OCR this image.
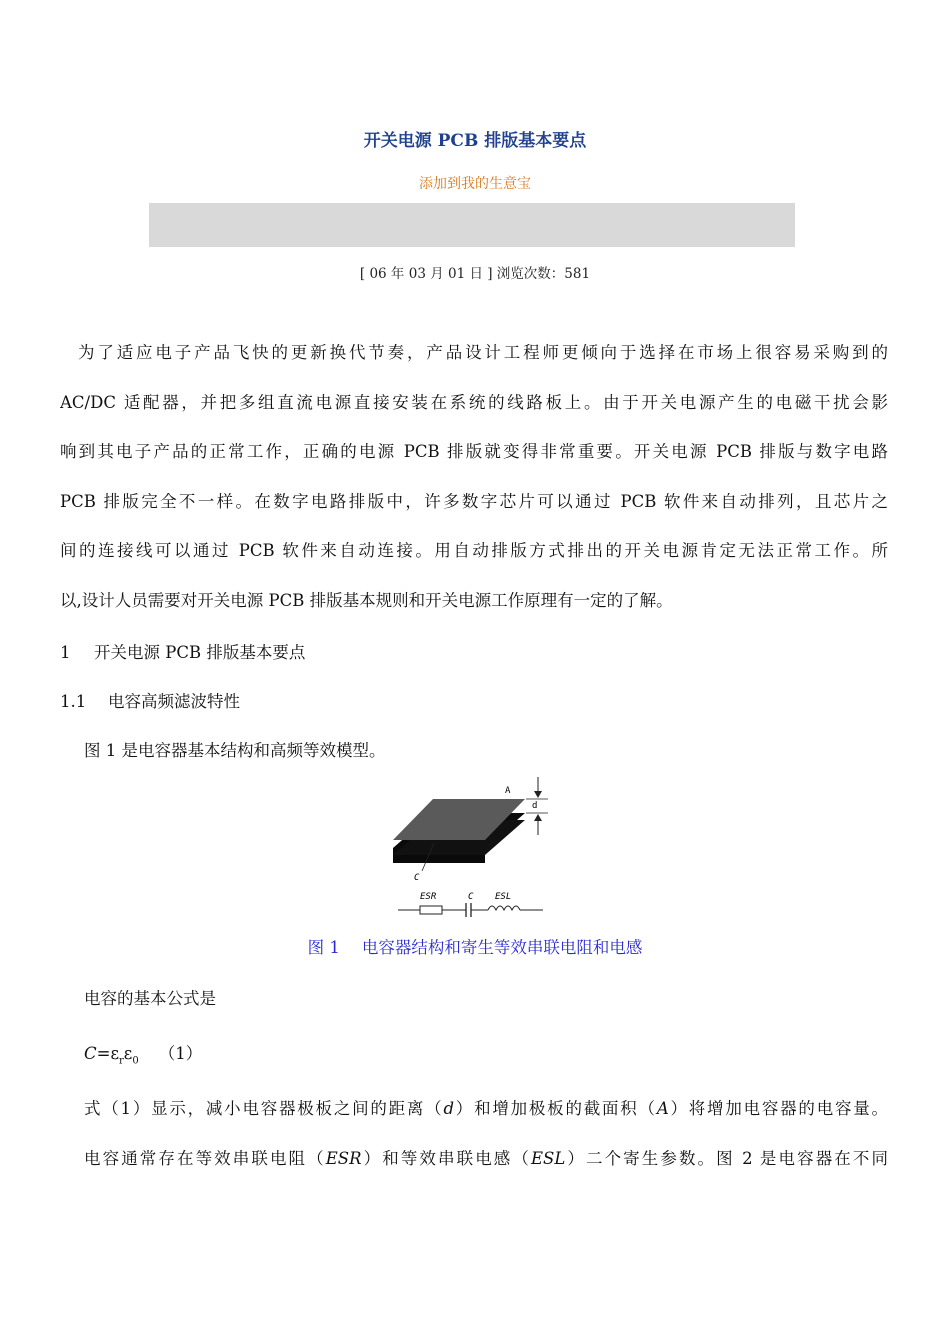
开关电源 PCB 排版基本要点
添加到我的生意宝
[ 06 年 03 月 01 日 ] 浏览次数：581
为了适应电子产品飞快的更新换代节奏，产品设计工程师更倾向于选择在市场上很容易采购到的
AC/DC 适配器，并把多组直流电源直接安装在系统的线路板上。由于开关电源产生的电磁干扰会影
响到其电子产品的正常工作，正确的电源 PCB 排版就变得非常重要。开关电源 PCB 排版与数字电路
PCB 排版完全不一样。在数字电路排版中，许多数字芯片可以通过 PCB 软件来自动排列，且芯片之
间的连接线可以通过 PCB 软件来自动连接。用自动排版方式排出的开关电源肯定无法正常工作。所
以,设计人员需要对开关电源 PCB 排版基本规则和开关电源工作原理有一定的了解。
1 开关电源 PCB 排版基本要点
1.1 电容高频滤波特性
图 1 是电容器基本结构和高频等效模型。
A
d
C
ESR	C ESL
图 1 电容器结构和寄生等效串联电阻和电感
电容的基本公式是
$C=\varepsilon_r\varepsilon_0$ （1）
式（1）显示，减小电容器极板之间的距离（d）和增加极板的截面积（A）将增加电容器的电容量。
电容通常存在等效串联电阻（ESR）和等效串联电感（ESL）二个寄生参数。图 2 是电容器在不同
